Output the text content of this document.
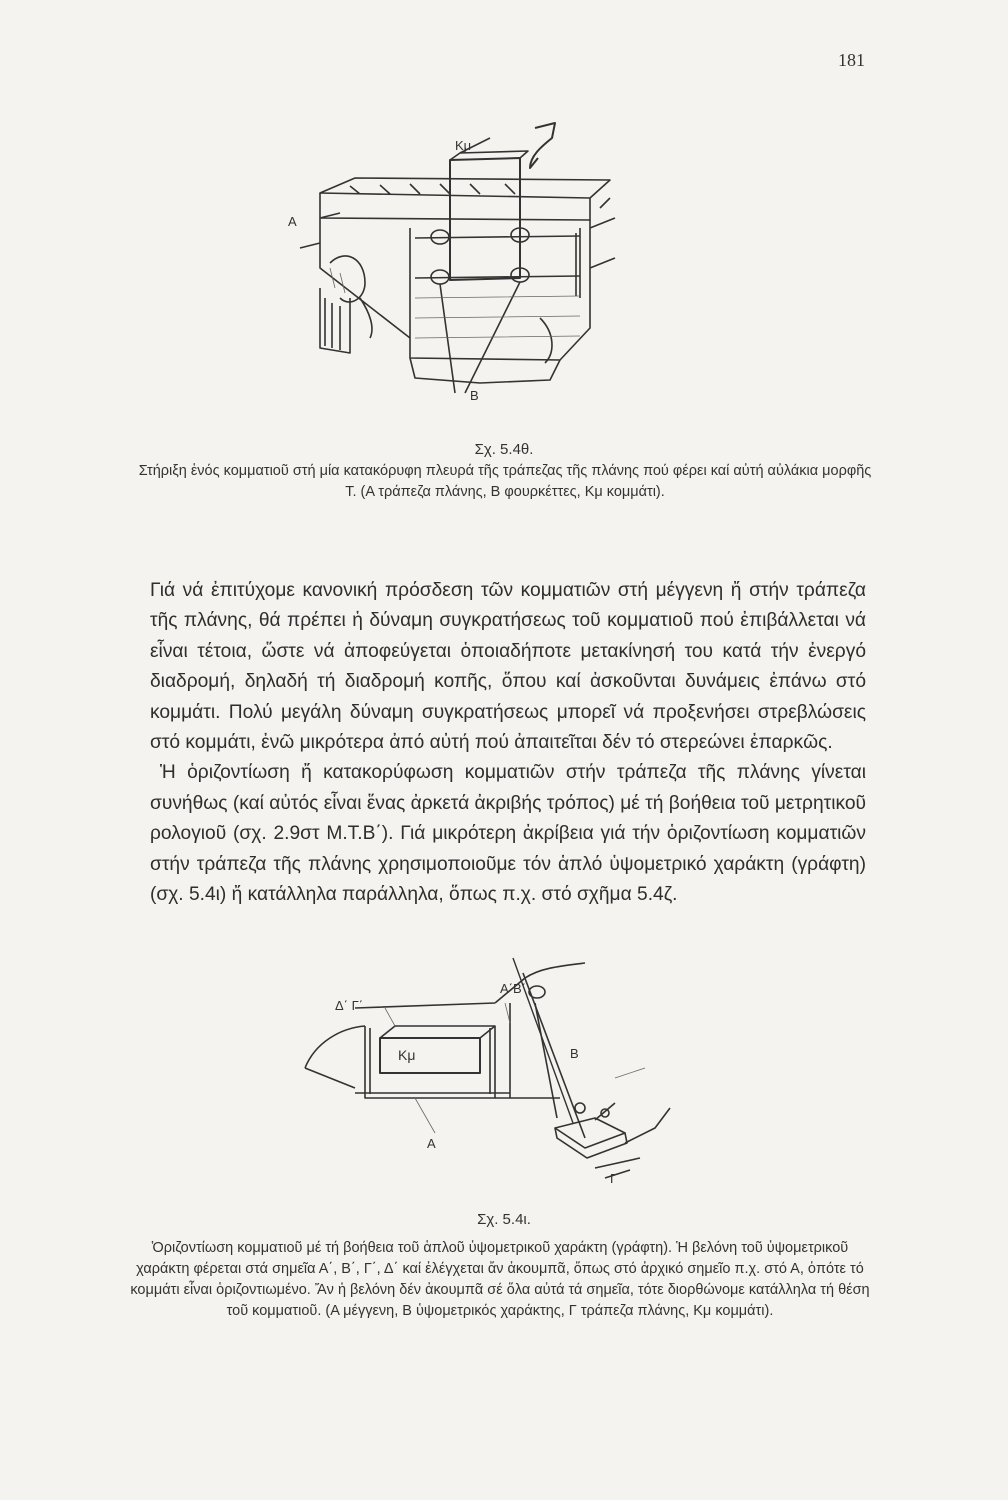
181
Κμ
Α
Β
Σχ. 5.4θ.
Στήριξη ἑνός κομματιοῦ στή μία κατακόρυφη πλευρά τῆς τράπεζας τῆς πλάνης πού φέρει καί αὐτή αὐλάκια μορφῆς Τ. (Α τράπεζα πλάνης, Β φουρκέττες, Κμ κομμάτι).

Γιά νά ἐπιτύχομε κανονική πρόσδεση τῶν κομματιῶν στή μέγγενη ἤ στήν τράπεζα τῆς πλάνης, θά πρέπει ἡ δύναμη συγκρατήσεως τοῦ κομματιοῦ πού ἐπιβάλλεται νά εἶναι τέτοια, ὥστε νά ἀποφεύγεται ὁποιαδήποτε μετακίνησή του κατά τήν ἐνεργό διαδρομή, δηλαδή τή διαδρομή κοπῆς, ὅπου καί ἀσκοῦνται δυνάμεις ἐπάνω στό κομμάτι. Πολύ μεγάλη δύναμη συγκρατήσεως μπορεῖ νά προξενήσει στρεβλώσεις στό κομμάτι, ἐνῶ μικρότερα ἀπό αὐτή πού ἀπαιτεῖται δέν τό στερεώνει ἐπαρκῶς.

Ἡ ὁριζοντίωση ἤ κατακορύφωση κομματιῶν στήν τράπεζα τῆς πλάνης γίνεται συνήθως (καί αὐτός εἶναι ἕνας ἀρκετά ἀκριβής τρόπος) μέ τή βοήθεια τοῦ μετρητικοῦ ρολογιοῦ (σχ. 2.9στ Μ.Τ.Β΄). Γιά μικρότερη ἀκρίβεια γιά τήν ὁριζοντίωση κομματιῶν στήν τράπεζα τῆς πλάνης χρησιμοποιοῦμε τόν ἁπλό ὑψομετρικό χαράκτη (γράφτη) (σχ. 5.4ι) ἤ κατάλληλα παράλληλα, ὅπως π.χ. στό σχῆμα 5.4ζ.

Δ΄ Γ΄
Α΄Β΄
Κμ	Β
Α
Γ
Σχ. 5.4ι.
Ὁριζοντίωση κομματιοῦ μέ τή βοήθεια τοῦ ἁπλοῦ ὑψομετρικοῦ χαράκτη (γράφτη). Ἡ βελόνη τοῦ ὑψομετρικοῦ χαράκτη φέρεται στά σημεῖα Α΄, Β΄, Γ΄, Δ΄ καί ἐλέγχεται ἄν ἀκουμπᾶ, ὅπως στό ἀρχικό σημεῖο π.χ. στό Α, ὁπότε τό κομμάτι εἶναι ὁριζοντιωμένο. Ἄν ἡ βελόνη δέν ἀκουμπᾶ σέ ὅλα αὐτά τά σημεῖα, τότε διορθώνομε κατάλληλα τή θέση τοῦ κομματιοῦ. (Α μέγγενη, Β ὑψομετρικός χαράκτης, Γ τράπεζα πλάνης, Κμ κομμάτι).
